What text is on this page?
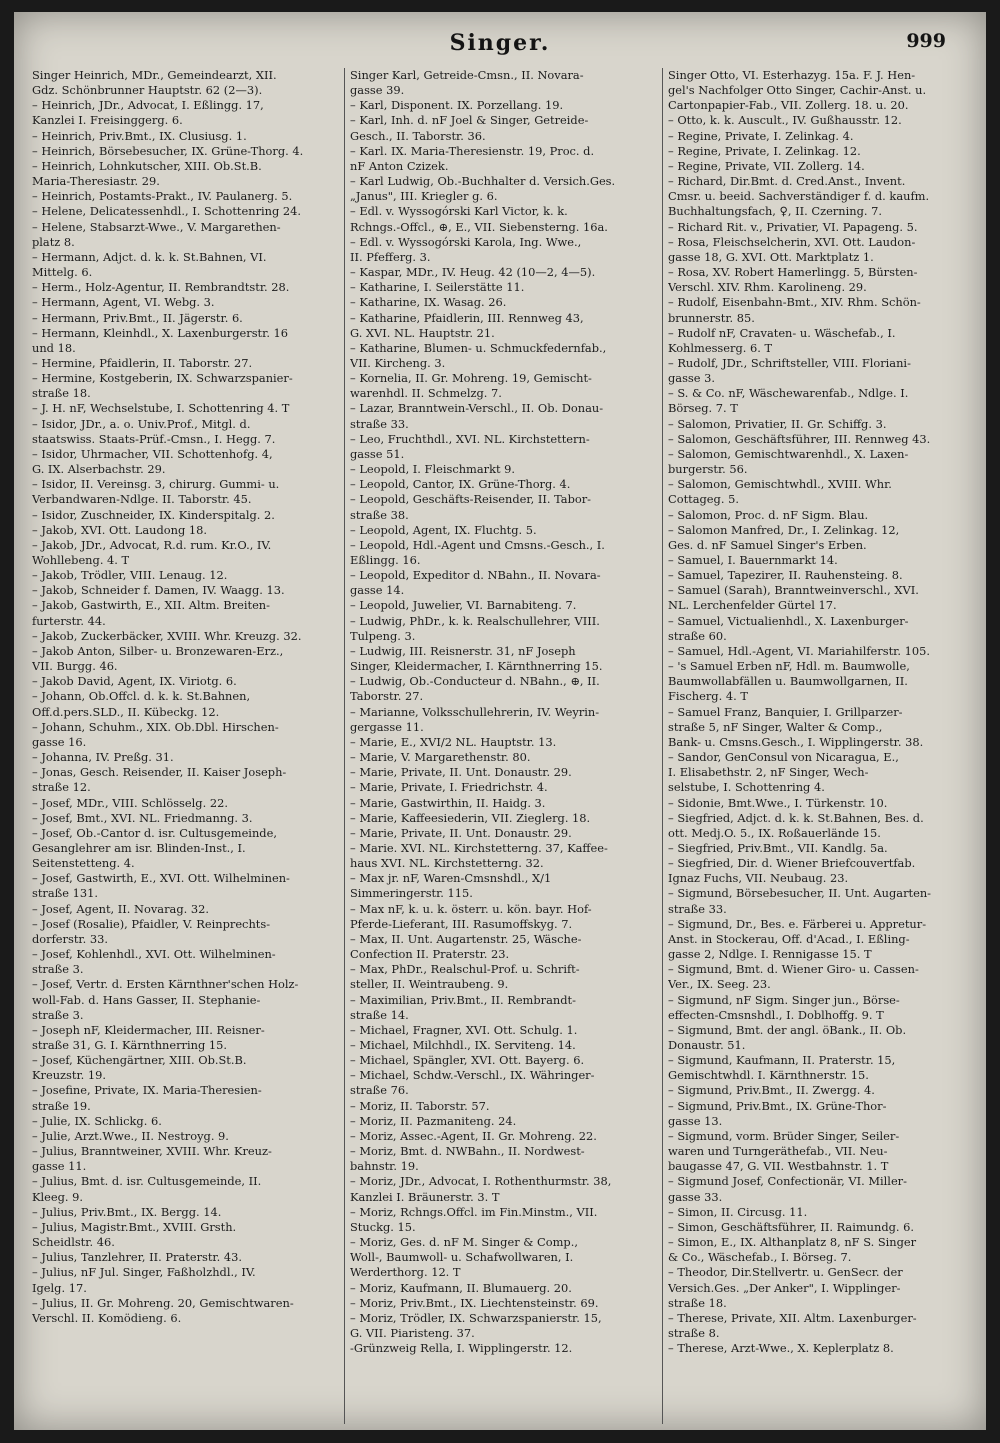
Singer.	999
Singer Heinrich, MDr., Gemeindearzt, XII.
Gdz. Schönbrunner Hauptstr. 62 (2—3).
– Heinrich, JDr., Advocat, I. Eßlingg. 17,
Kanzlei I. Freisinggerg. 6.
– Heinrich, Priv.Bmt., IX. Clusiusg. 1.
– Heinrich, Börsebesucher, IX. Grüne-Thorg. 4.
– Heinrich, Lohnkutscher, XIII. Ob.St.B.
Maria-Theresiastr. 29.
– Heinrich, Postamts-Prakt., IV. Paulanerg. 5.
– Helene, Delicatessenhdl., I. Schottenring 24.
– Helene, Stabsarzt-Wwe., V. Margarethen-
platz 8.
– Hermann, Adjct. d. k. k. St.Bahnen, VI.
Mittelg. 6.
– Herm., Holz-Agentur, II. Rembrandtstr. 28.
– Hermann, Agent, VI. Webg. 3.
– Hermann, Priv.Bmt., II. Jägerstr. 6.
– Hermann, Kleinhdl., X. Laxenburgerstr. 16
und 18.
– Hermine, Pfaidlerin, II. Taborstr. 27.
– Hermine, Kostgeberin, IX. Schwarzspanier-
straße 18.
– J. H. nF, Wechselstube, I. Schottenring 4. T
– Isidor, JDr., a. o. Univ.Prof., Mitgl. d.
staatswiss. Staats-Prüf.-Cmsn., I. Hegg. 7.
– Isidor, Uhrmacher, VII. Schottenhofg. 4,
G. IX. Alserbachstr. 29.
– Isidor, II. Vereinsg. 3, chirurg. Gummi- u.
Verbandwaren-Ndlge. II. Taborstr. 45.
– Isidor, Zuschneider, IX. Kinderspitalg. 2.
– Jakob, XVI. Ott. Laudong 18.
– Jakob, JDr., Advocat, R.d. rum. Kr.O., IV.
Wohllebeng. 4. T
– Jakob, Trödler, VIII. Lenaug. 12.
– Jakob, Schneider f. Damen, IV. Waagg. 13.
– Jakob, Gastwirth, E., XII. Altm. Breiten-
furterstr. 44.
– Jakob, Zuckerbäcker, XVIII. Whr. Kreuzg. 32.
– Jakob Anton, Silber- u. Bronzewaren-Erz.,
VII. Burgg. 46.
– Jakob David, Agent, IX. Viriotg. 6.
– Johann, Ob.Offcl. d. k. k. St.Bahnen,
Off.d.pers.SLD., II. Kübeckg. 12.
– Johann, Schuhm., XIX. Ob.Dbl. Hirschen-
gasse 16.
– Johanna, IV. Preßg. 31.
– Jonas, Gesch. Reisender, II. Kaiser Joseph-
straße 12.
– Josef, MDr., VIII. Schlösselg. 22.
– Josef, Bmt., XVI. NL. Friedmanng. 3.
– Josef, Ob.-Cantor d. isr. Cultusgemeinde,
Gesanglehrer am isr. Blinden-Inst., I.
Seitenstetteng. 4.
– Josef, Gastwirth, E., XVI. Ott. Wilhelminen-
straße 131.
– Josef, Agent, II. Novarag. 32.
– Josef (Rosalie), Pfaidler, V. Reinprechts-
dorferstr. 33.
– Josef, Kohlenhdl., XVI. Ott. Wilhelminen-
straße 3.
– Josef, Vertr. d. Ersten Kärnthner'schen Holz-
woll-Fab. d. Hans Gasser, II. Stephanie-
straße 3.
– Joseph nF, Kleidermacher, III. Reisner-
straße 31, G. I. Kärnthnerring 15.
– Josef, Küchengärtner, XIII. Ob.St.B.
Kreuzstr. 19.
– Josefine, Private, IX. Maria-Theresien-
straße 19.
– Julie, IX. Schlickg. 6.
– Julie, Arzt.Wwe., II. Nestroyg. 9.
– Julius, Branntweiner, XVIII. Whr. Kreuz-
gasse 11.
– Julius, Bmt. d. isr. Cultusgemeinde, II.
Kleeg. 9.
– Julius, Priv.Bmt., IX. Bergg. 14.
– Julius, Magistr.Bmt., XVIII. Grsth.
Scheidlstr. 46.
– Julius, Tanzlehrer, II. Praterstr. 43.
– Julius, nF Jul. Singer, Faßholzhdl., IV.
Igelg. 17.
– Julius, II. Gr. Mohreng. 20, Gemischtwaren-
Verschl. II. Komödieng. 6.
Singer Karl, Getreide-Cmsn., II. Novara-
gasse 39.
– Karl, Disponent. IX. Porzellang. 19.
– Karl, Inh. d. nF Joel & Singer, Getreide-
Gesch., II. Taborstr. 36.
– Karl. IX. Maria-Theresienstr. 19, Proc. d.
nF Anton Czizek.
– Karl Ludwig, Ob.-Buchhalter d. Versich.Ges.
„Janus", III. Kriegler g. 6.
– Edl. v. Wyssogórski Karl Victor, k. k.
Rchngs.-Offcl., ⊕, E., VII. Siebensterng. 16a.
– Edl. v. Wyssogórski Karola, Ing. Wwe.,
II. Pfefferg. 3.
– Kaspar, MDr., IV. Heug. 42 (10—2, 4—5).
– Katharine, I. Seilerstätte 11.
– Katharine, IX. Wasag. 26.
– Katharine, Pfaidlerin, III. Rennweg 43,
G. XVI. NL. Hauptstr. 21.
– Katharine, Blumen- u. Schmuckfedernfab.,
VII. Kircheng. 3.
– Kornelia, II. Gr. Mohreng. 19, Gemischt-
warenhdl. II. Schmelzg. 7.
– Lazar, Branntwein-Verschl., II. Ob. Donau-
straße 33.
– Leo, Fruchthdl., XVI. NL. Kirchstettern-
gasse 51.
– Leopold, I. Fleischmarkt 9.
– Leopold, Cantor, IX. Grüne-Thorg. 4.
– Leopold, Geschäfts-Reisender, II. Tabor-
straße 38.
– Leopold, Agent, IX. Fluchtg. 5.
– Leopold, Hdl.-Agent und Cmsns.-Gesch., I.
Eßlingg. 16.
– Leopold, Expeditor d. NBahn., II. Novara-
gasse 14.
– Leopold, Juwelier, VI. Barnabiteng. 7.
– Ludwig, PhDr., k. k. Realschullehrer, VIII.
Tulpeng. 3.
– Ludwig, III. Reisnerstr. 31, nF Joseph
Singer, Kleidermacher, I. Kärnthnerring 15.
– Ludwig, Ob.-Conducteur d. NBahn., ⊕, II.
Taborstr. 27.
– Marianne, Volksschullehrerin, IV. Weyrin-
gergasse 11.
– Marie, E., XVI/2 NL. Hauptstr. 13.
– Marie, V. Margarethenstr. 80.
– Marie, Private, II. Unt. Donaustr. 29.
– Marie, Private, I. Friedrichstr. 4.
– Marie, Gastwirthin, II. Haidg. 3.
– Marie, Kaffeesiederin, VII. Zieglerg. 18.
– Marie, Private, II. Unt. Donaustr. 29.
– Marie. XVI. NL. Kirchstetterng. 37, Kaffee-
haus XVI. NL. Kirchstetterng. 32.
– Max jr. nF, Waren-Cmsnshdl., X/1
Simmeringerstr. 115.
– Max nF, k. u. k. österr. u. kön. bayr. Hof-
Pferde-Lieferant, III. Rasumoffskyg. 7.
– Max, II. Unt. Augartenstr. 25, Wäsche-
Confection II. Praterstr. 23.
– Max, PhDr., Realschul-Prof. u. Schrift-
steller, II. Weintraubeng. 9.
– Maximilian, Priv.Bmt., II. Rembrandt-
straße 14.
– Michael, Fragner, XVI. Ott. Schulg. 1.
– Michael, Milchhdl., IX. Serviteng. 14.
– Michael, Spängler, XVI. Ott. Bayerg. 6.
– Michael, Schdw.-Verschl., IX. Währinger-
straße 76.
– Moriz, II. Taborstr. 57.
– Moriz, II. Pazmaniteng. 24.
– Moriz, Assec.-Agent, II. Gr. Mohreng. 22.
– Moriz, Bmt. d. NWBahn., II. Nordwest-
bahnstr. 19.
– Moriz, JDr., Advocat, I. Rothenthurmstr. 38,
Kanzlei I. Bräunerstr. 3. T
– Moriz, Rchngs.Offcl. im Fin.Minstm., VII.
Stuckg. 15.
– Moriz, Ges. d. nF M. Singer & Comp.,
Woll-, Baumwoll- u. Schafwollwaren, I.
Werderthorg. 12. T
– Moriz, Kaufmann, II. Blumauerg. 20.
– Moriz, Priv.Bmt., IX. Liechtensteinstr. 69.
– Moriz, Trödler, IX. Schwarzspanierstr. 15,
G. VII. Piaristeng. 37.
-Grünzweig Rella, I. Wipplingerstr. 12.
Singer Otto, VI. Esterhazyg. 15a. F. J. Hen-
gel's Nachfolger Otto Singer, Cachir-Anst. u.
Cartonpapier-Fab., VII. Zollerg. 18. u. 20.
– Otto, k. k. Auscult., IV. Gußhausstr. 12.
– Regine, Private, I. Zelinkag. 4.
– Regine, Private, I. Zelinkag. 12.
– Regine, Private, VII. Zollerg. 14.
– Richard, Dir.Bmt. d. Cred.Anst., Invent.
Cmsr. u. beeid. Sachverständiger f. d. kaufm.
Buchhaltungsfach, ♀, II. Czerning. 7.
– Richard Rit. v., Privatier, VI. Papageng. 5.
– Rosa, Fleischselcherin, XVI. Ott. Laudon-
gasse 18, G. XVI. Ott. Marktplatz 1.
– Rosa, XV. Robert Hamerlingg. 5, Bürsten-
Verschl. XIV. Rhm. Karolineng. 29.
– Rudolf, Eisenbahn-Bmt., XIV. Rhm. Schön-
brunnerstr. 85.
– Rudolf nF, Cravaten- u. Wäschefab., I.
Kohlmesserg. 6. T
– Rudolf, JDr., Schriftsteller, VIII. Floriani-
gasse 3.
– S. & Co. nF, Wäschewarenfab., Ndlge. I.
Börseg. 7. T
– Salomon, Privatier, II. Gr. Schiffg. 3.
– Salomon, Geschäftsführer, III. Rennweg 43.
– Salomon, Gemischtwarenhdl., X. Laxen-
burgerstr. 56.
– Salomon, Gemischtwhdl., XVIII. Whr.
Cottageg. 5.
– Salomon, Proc. d. nF Sigm. Blau.
– Salomon Manfred, Dr., I. Zelinkag. 12,
Ges. d. nF Samuel Singer's Erben.
– Samuel, I. Bauernmarkt 14.
– Samuel, Tapezirer, II. Rauhensteing. 8.
– Samuel (Sarah), Branntweinverschl., XVI.
NL. Lerchenfelder Gürtel 17.
– Samuel, Victualienhdl., X. Laxenburger-
straße 60.
– Samuel, Hdl.-Agent, VI. Mariahilferstr. 105.
– 's Samuel Erben nF, Hdl. m. Baumwolle,
Baumwollabfällen u. Baumwollgarnen, II.
Fischerg. 4. T
– Samuel Franz, Banquier, I. Grillparzer-
straße 5, nF Singer, Walter & Comp.,
Bank- u. Cmsns.Gesch., I. Wipplingerstr. 38.
– Sandor, GenConsul von Nicaragua, E.,
I. Elisabethstr. 2, nF Singer, Wech-
selstube, I. Schottenring 4.
– Sidonie, Bmt.Wwe., I. Türkenstr. 10.
– Siegfried, Adjct. d. k. k. St.Bahnen, Bes. d.
ott. Medj.O. 5., IX. Roßauerlände 15.
– Siegfried, Priv.Bmt., VII. Kandlg. 5a.
– Siegfried, Dir. d. Wiener Briefcouvertfab.
Ignaz Fuchs, VII. Neubaug. 23.
– Sigmund, Börsebesucher, II. Unt. Augarten-
straße 33.
– Sigmund, Dr., Bes. e. Färberei u. Appretur-
Anst. in Stockerau, Off. d'Acad., I. Eßling-
gasse 2, Ndlge. I. Rennigasse 15. T
– Sigmund, Bmt. d. Wiener Giro- u. Cassen-
Ver., IX. Seeg. 23.
– Sigmund, nF Sigm. Singer jun., Börse-
effecten-Cmsnshdl., I. Doblhoffg. 9. T
– Sigmund, Bmt. der angl. öBank., II. Ob.
Donaustr. 51.
– Sigmund, Kaufmann, II. Praterstr. 15,
Gemischtwhdl. I. Kärnthnerstr. 15.
– Sigmund, Priv.Bmt., II. Zwergg. 4.
– Sigmund, Priv.Bmt., IX. Grüne-Thor-
gasse 13.
– Sigmund, vorm. Brüder Singer, Seiler-
waren und Turngeräthefab., VII. Neu-
baugasse 47, G. VII. Westbahnstr. 1. T
– Sigmund Josef, Confectionär, VI. Miller-
gasse 33.
– Simon, II. Circusg. 11.
– Simon, Geschäftsführer, II. Raimundg. 6.
– Simon, E., IX. Althanplatz 8, nF S. Singer
& Co., Wäschefab., I. Börseg. 7.
– Theodor, Dir.Stellvertr. u. GenSecr. der
Versich.Ges. „Der Anker", I. Wipplinger-
straße 18.
– Therese, Private, XII. Altm. Laxenburger-
straße 8.
– Therese, Arzt-Wwe., X. Keplerplatz 8.
